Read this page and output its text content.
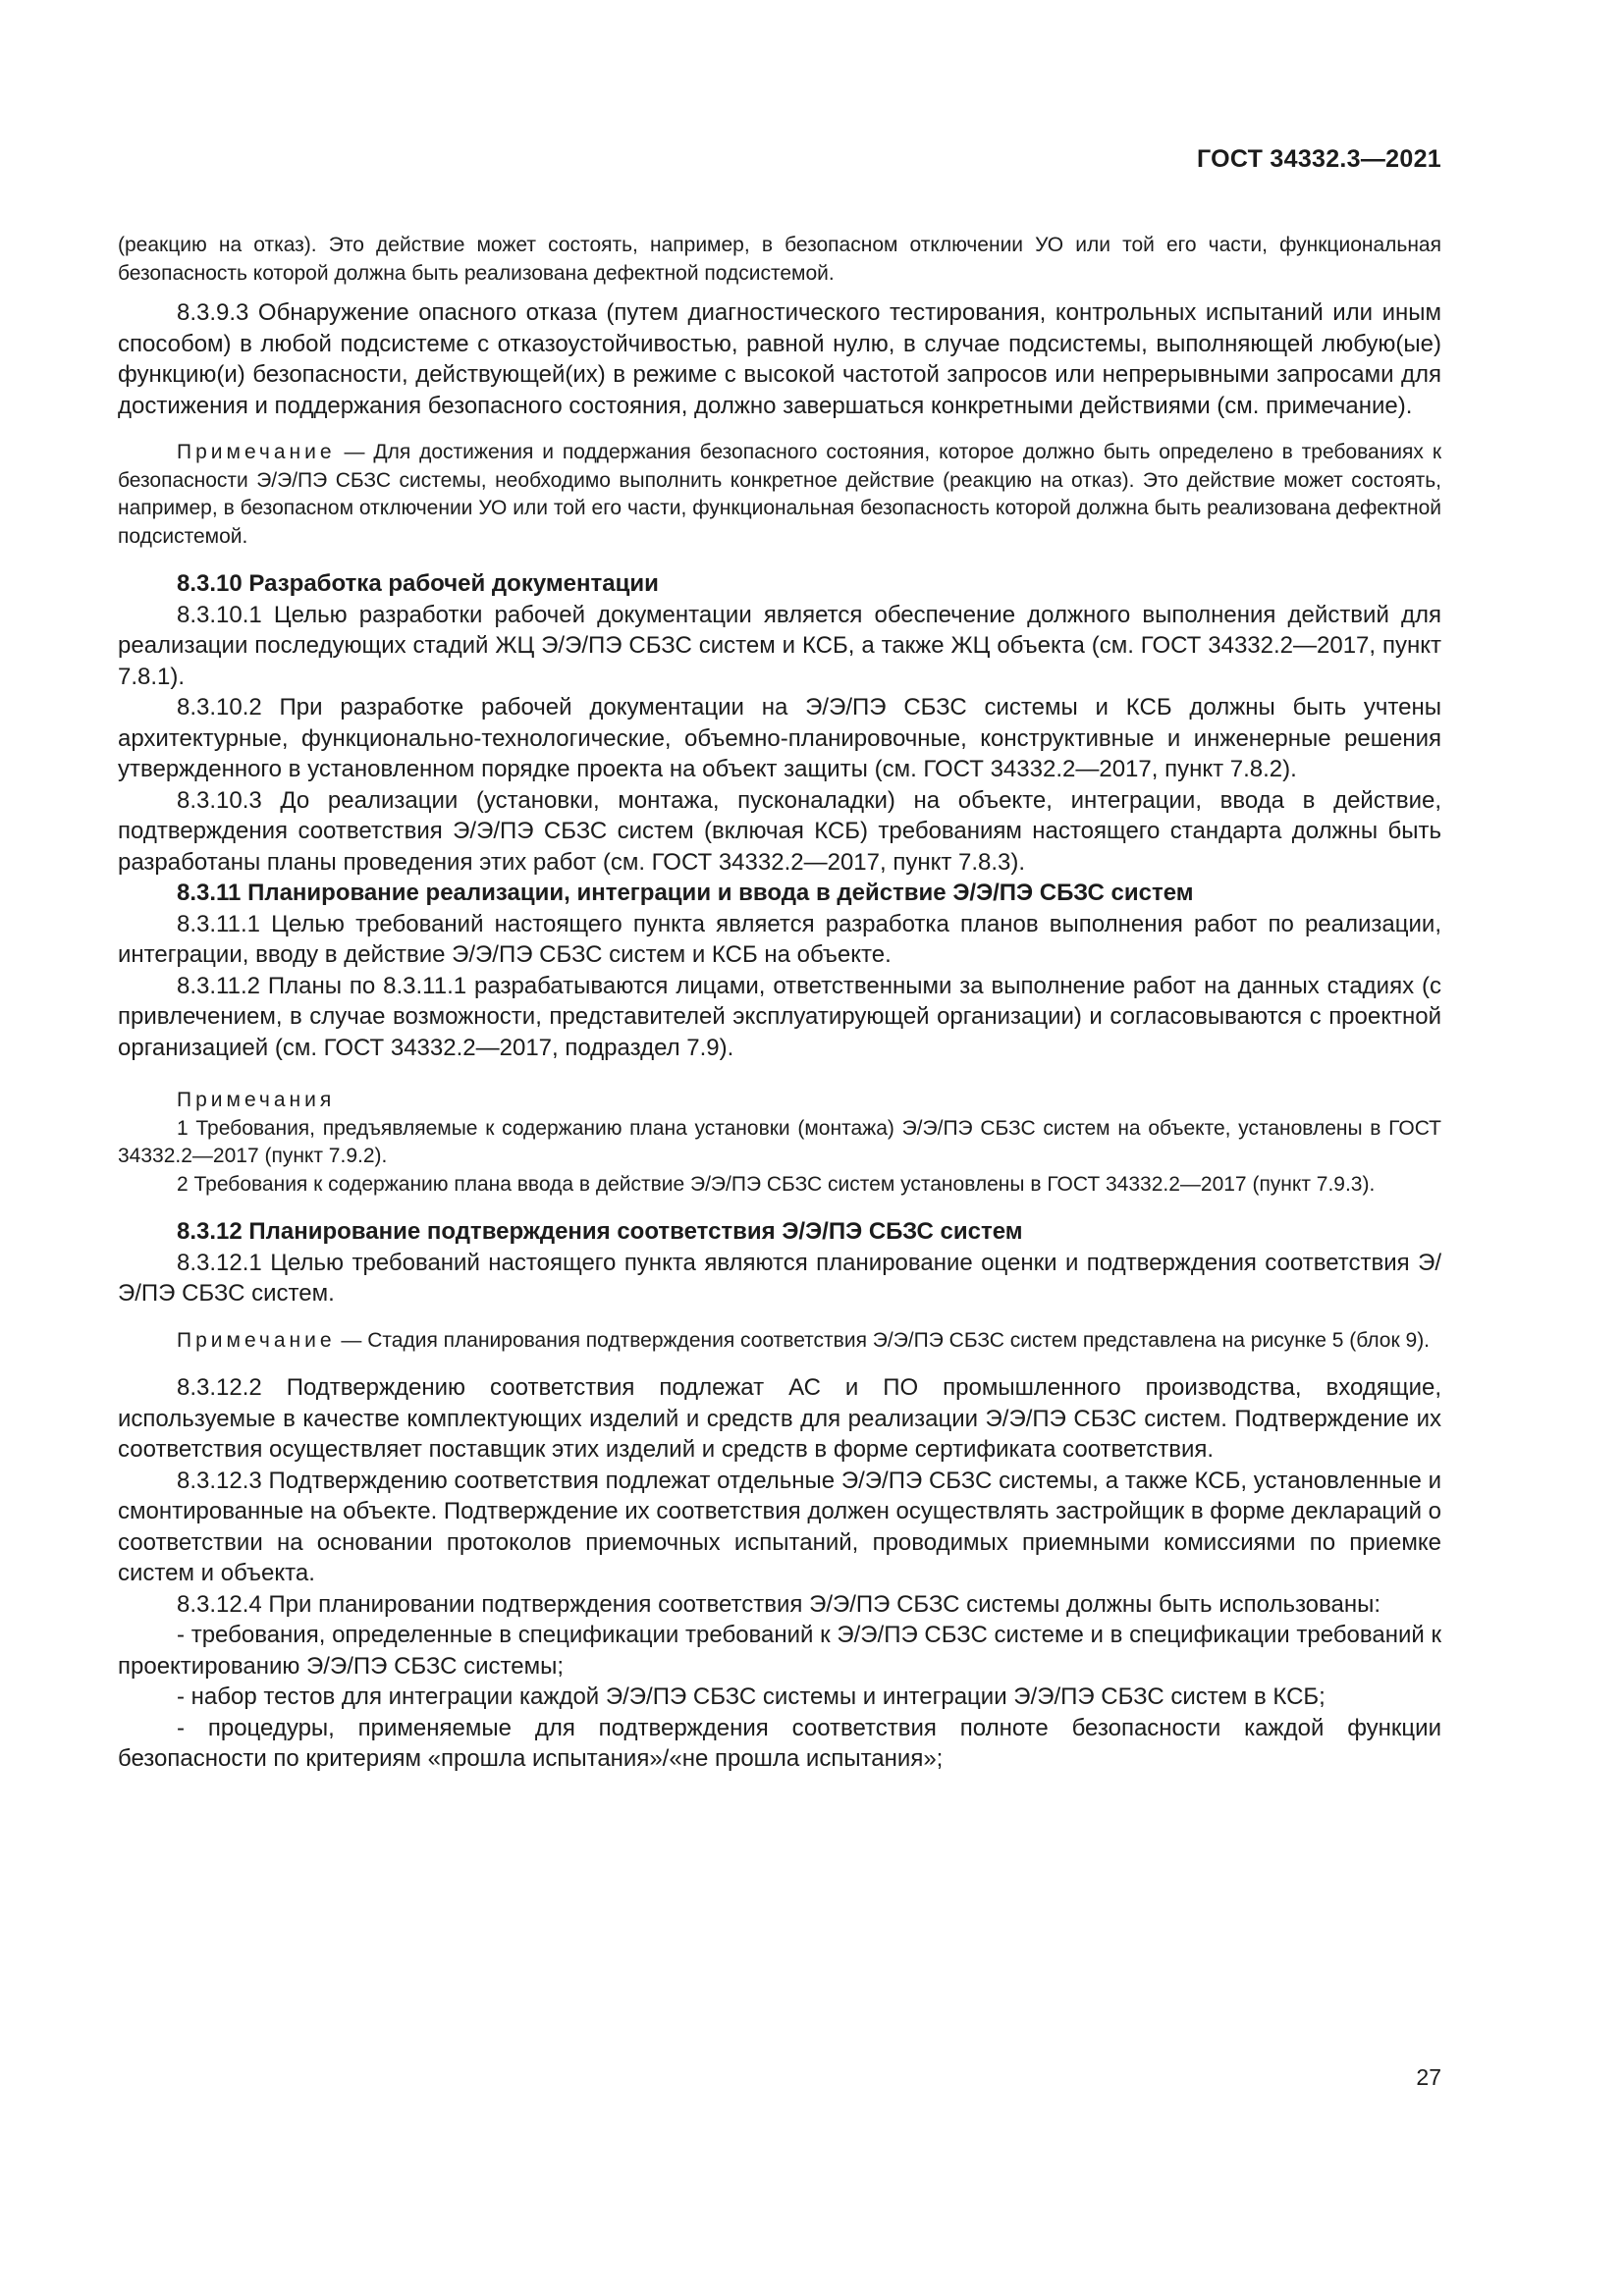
ГОСТ 34332.3—2021

(реакцию на отказ). Это действие может состоять, например, в безопасном отключении УО или той его части, функциональная безопасность которой должна быть реализована дефектной подсистемой.

8.3.9.3 Обнаружение опасного отказа (путем диагностического тестирования, контрольных испытаний или иным способом) в любой подсистеме с отказоустойчивостью, равной нулю, в случае подсистемы, выполняющей любую(ые) функцию(и) безопасности, действующей(их) в режиме с высокой частотой запросов или непрерывными запросами для достижения и поддержания безопасного состояния, должно завершаться конкретными действиями (см. примечание).

Примечание — Для достижения и поддержания безопасного состояния, которое должно быть определено в требованиях к безопасности Э/Э/ПЭ СБЗС системы, необходимо выполнить конкретное действие (реакцию на отказ). Это действие может состоять, например, в безопасном отключении УО или той его части, функциональная безопасность которой должна быть реализована дефектной подсистемой.

8.3.10 Разработка рабочей документации

8.3.10.1 Целью разработки рабочей документации является обеспечение должного выполнения действий для реализации последующих стадий ЖЦ Э/Э/ПЭ СБЗС систем и КСБ, а также ЖЦ объекта (см. ГОСТ 34332.2—2017, пункт 7.8.1).

8.3.10.2 При разработке рабочей документации на Э/Э/ПЭ СБЗС системы и КСБ должны быть учтены архитектурные, функционально-технологические, объемно-планировочные, конструктивные и инженерные решения утвержденного в установленном порядке проекта на объект защиты (см. ГОСТ 34332.2—2017, пункт 7.8.2).

8.3.10.3 До реализации (установки, монтажа, пусконаладки) на объекте, интеграции, ввода в действие, подтверждения соответствия Э/Э/ПЭ СБЗС систем (включая КСБ) требованиям настоящего стандарта должны быть разработаны планы проведения этих работ (см. ГОСТ 34332.2—2017, пункт 7.8.3).

8.3.11 Планирование реализации, интеграции и ввода в действие Э/Э/ПЭ СБЗС систем

8.3.11.1 Целью требований настоящего пункта является разработка планов выполнения работ по реализации, интеграции, вводу в действие Э/Э/ПЭ СБЗС систем и КСБ на объекте.

8.3.11.2 Планы по 8.3.11.1 разрабатываются лицами, ответственными за выполнение работ на данных стадиях (с привлечением, в случае возможности, представителей эксплуатирующей организации) и согласовываются с проектной организацией (см. ГОСТ 34332.2—2017, подраздел 7.9).

Примечания

1 Требования, предъявляемые к содержанию плана установки (монтажа) Э/Э/ПЭ СБЗС систем на объекте, установлены в ГОСТ 34332.2—2017 (пункт 7.9.2).

2 Требования к содержанию плана ввода в действие Э/Э/ПЭ СБЗС систем установлены в ГОСТ 34332.2—2017 (пункт 7.9.3).

8.3.12 Планирование подтверждения соответствия Э/Э/ПЭ СБЗС систем

8.3.12.1 Целью требований настоящего пункта являются планирование оценки и подтверждения соответствия Э/Э/ПЭ СБЗС систем.

Примечание — Стадия планирования подтверждения соответствия Э/Э/ПЭ СБЗС систем представлена на рисунке 5 (блок 9).

8.3.12.2 Подтверждению соответствия подлежат АС и ПО промышленного производства, входящие, используемые в качестве комплектующих изделий и средств для реализации Э/Э/ПЭ СБЗС систем. Подтверждение их соответствия осуществляет поставщик этих изделий и средств в форме сертификата соответствия.

8.3.12.3 Подтверждению соответствия подлежат отдельные Э/Э/ПЭ СБЗС системы, а также КСБ, установленные и смонтированные на объекте. Подтверждение их соответствия должен осуществлять застройщик в форме деклараций о соответствии на основании протоколов приемочных испытаний, проводимых приемными комиссиями по приемке систем и объекта.

8.3.12.4 При планировании подтверждения соответствия Э/Э/ПЭ СБЗС системы должны быть использованы:

- требования, определенные в спецификации требований к Э/Э/ПЭ СБЗС системе и в спецификации требований к проектированию Э/Э/ПЭ СБЗС системы;

- набор тестов для интеграции каждой Э/Э/ПЭ СБЗС системы и интеграции Э/Э/ПЭ СБЗС систем в КСБ;

- процедуры, применяемые для подтверждения соответствия полноте безопасности каждой функции безопасности по критериям «прошла испытания»/«не прошла испытания»;

27
